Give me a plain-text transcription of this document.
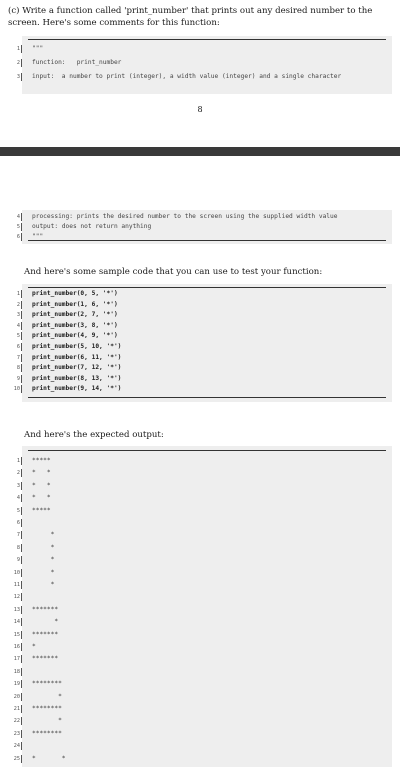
(c) Write a function called 'print_number' that prints out any desired number to the screen. Here's some comments for this function:
1 """
2 function:   print_number
3 input:  a number to print (integer), a width value (integer) and a single character
8
4 processing: prints the desired number to the screen using the supplied width value
5 output: does not return anything
6 """
And here's some sample code that you can use to test your function:
1 print_number(0, 5, '*')
2 print_number(1, 6, '*')
3 print_number(2, 7, '*')
4 print_number(3, 8, '*')
5 print_number(4, 9, '*')
6 print_number(5, 10, '*')
7 print_number(6, 11, '*')
8 print_number(7, 12, '*')
9 print_number(8, 13, '*')
10 print_number(9, 14, '*')
And here's the expected output:
1 *****
2 *   *
3 *   *
4 *   *
5 *****
6
7 *
8 *
9 *
10 *
11 *
12
13 *******
14 *
15 *******
16 *
17 *******
18
19 ********
20 *
21 ********
22 *
23 ********
24
25 *       *
